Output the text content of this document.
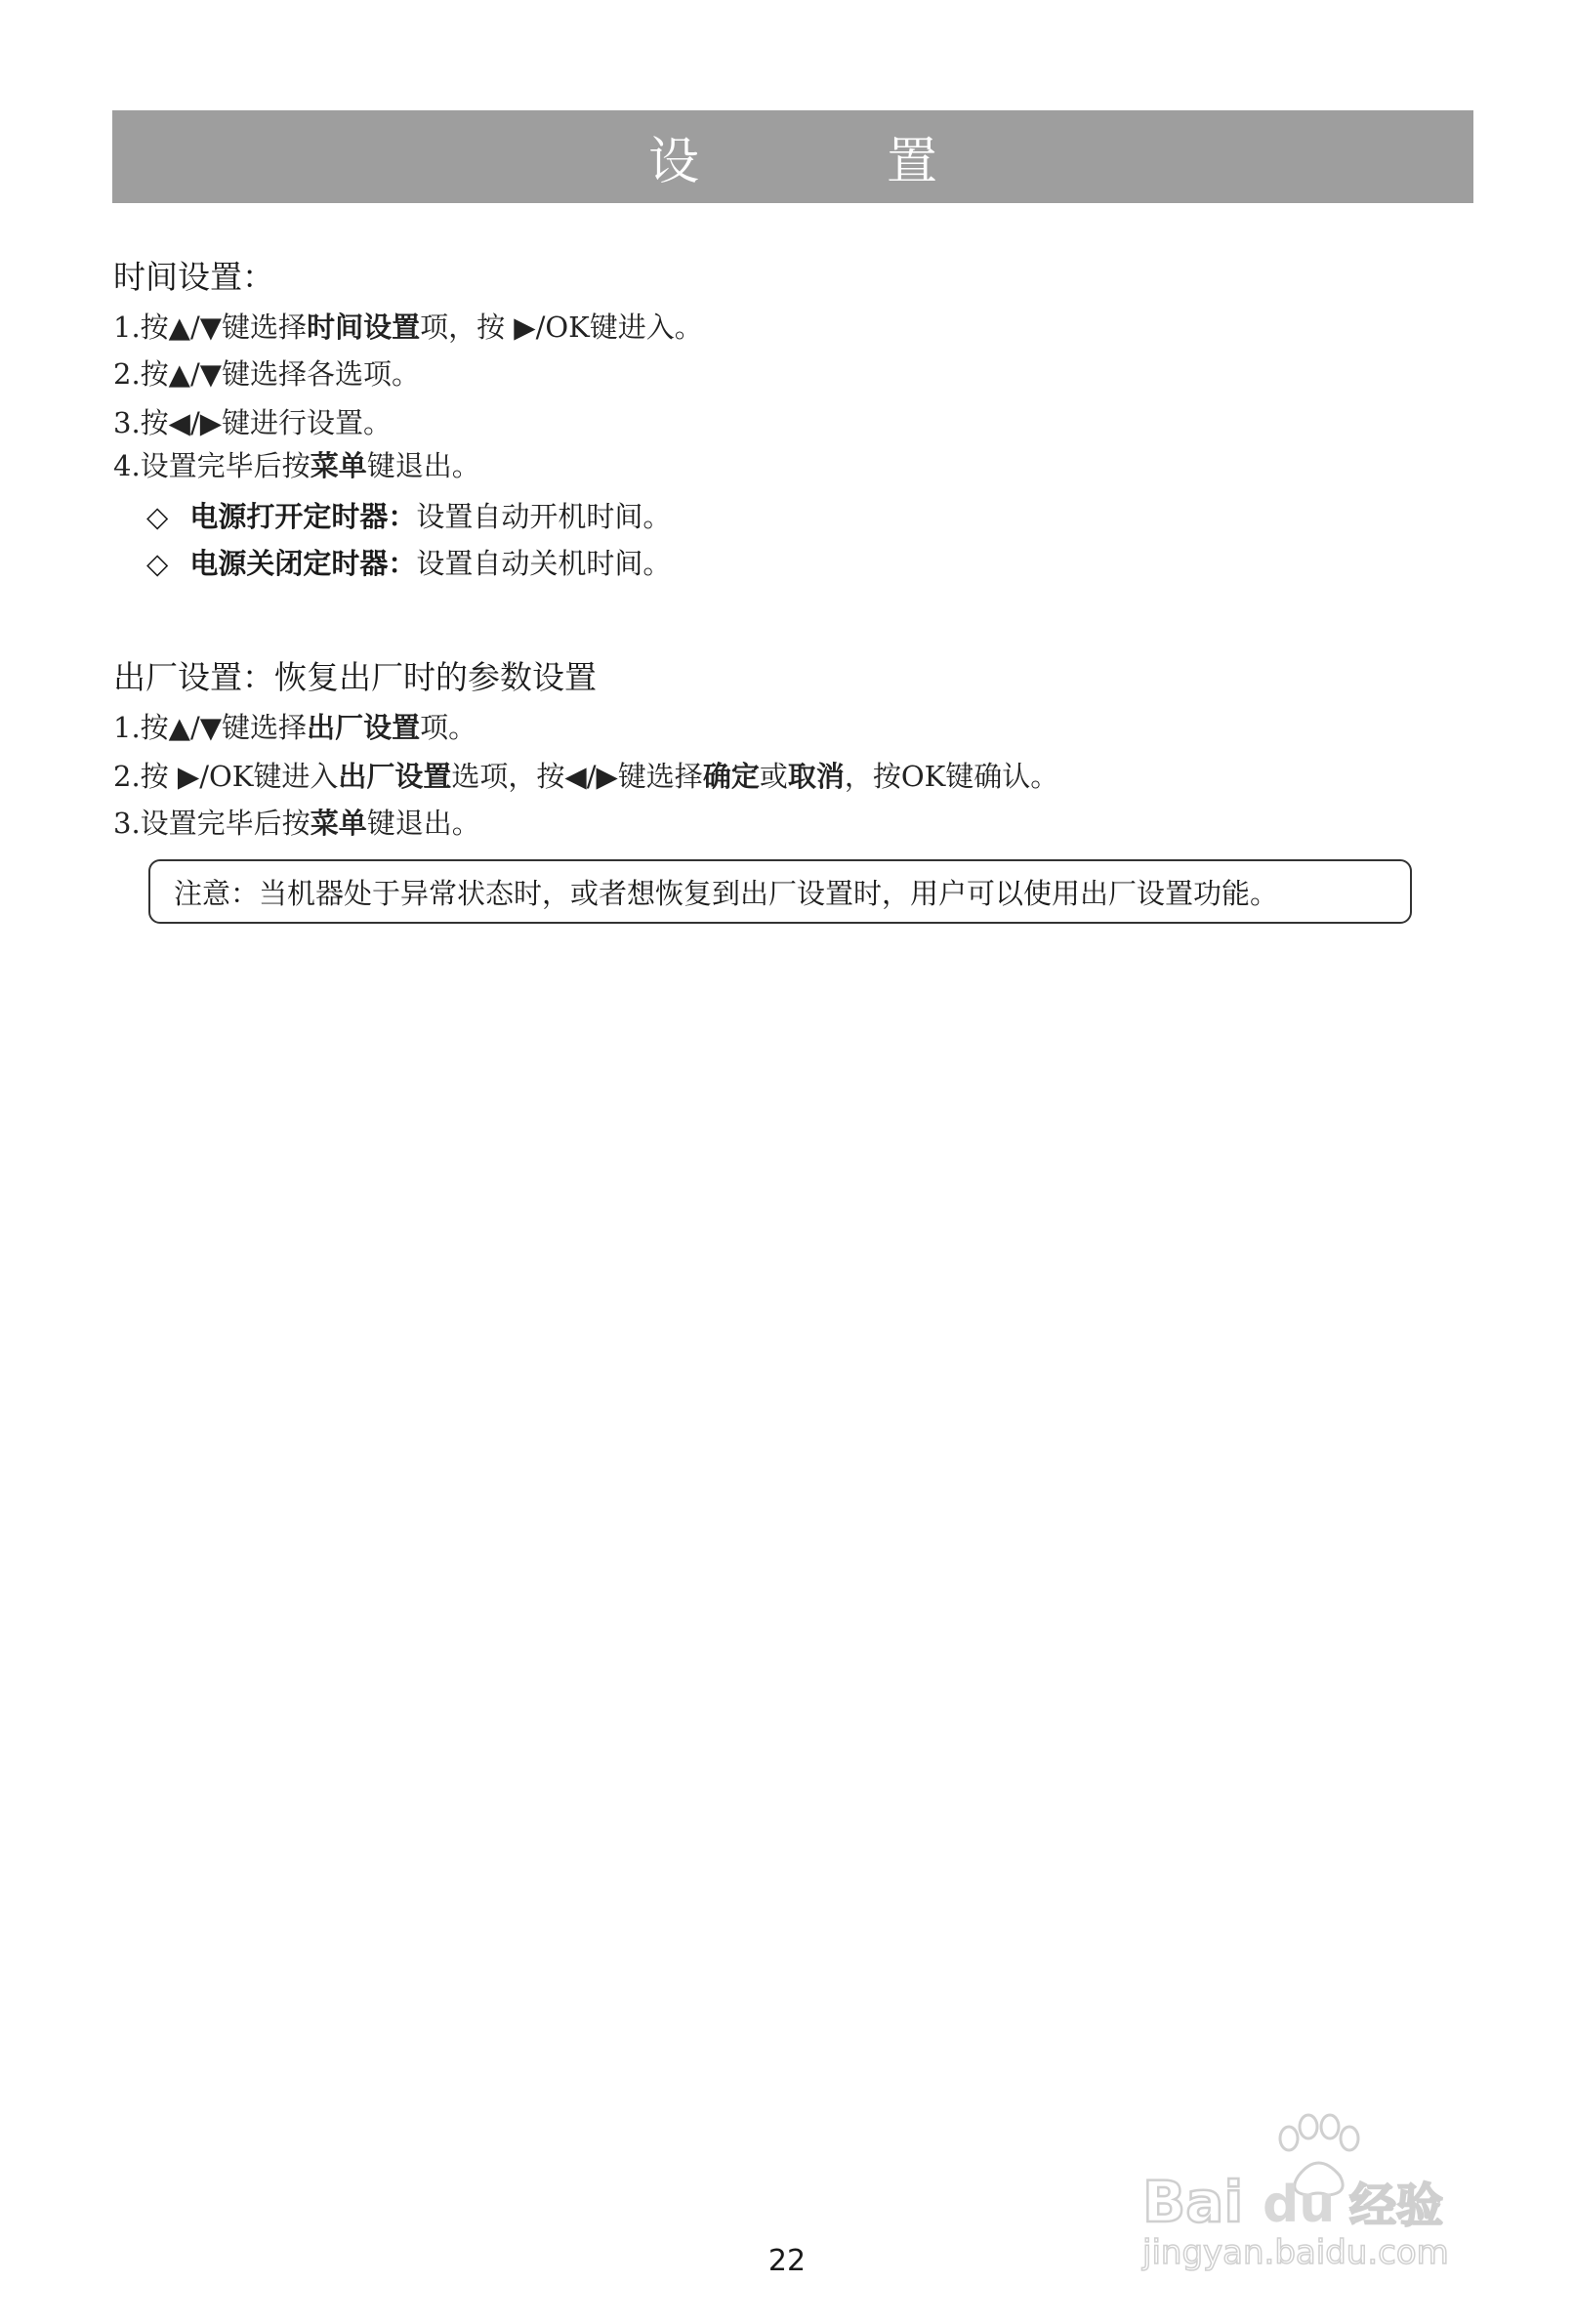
设　置
时间设置：
1.按▲/▼键选择时间设置项，按 ▶/OK键进入。
2.按▲/▼键选择各选项。
3.按◀/▶键进行设置。
4.设置完毕后按菜单键退出。
◇ 电源打开定时器：设置自动开机时间。
◇ 电源关闭定时器：设置自动关机时间。
出厂设置：恢复出厂时的参数设置
1.按▲/▼键选择出厂设置项。
2.按 ▶/OK键进入出厂设置选项，按◀/▶键选择确定或取消，按OK键确认。
3.设置完毕后按菜单键退出。
注意：当机器处于异常状态时，或者想恢复到出厂设置时，用户可以使用出厂设置功能。
Bai du 经验
jingyan.baidu.com
22
